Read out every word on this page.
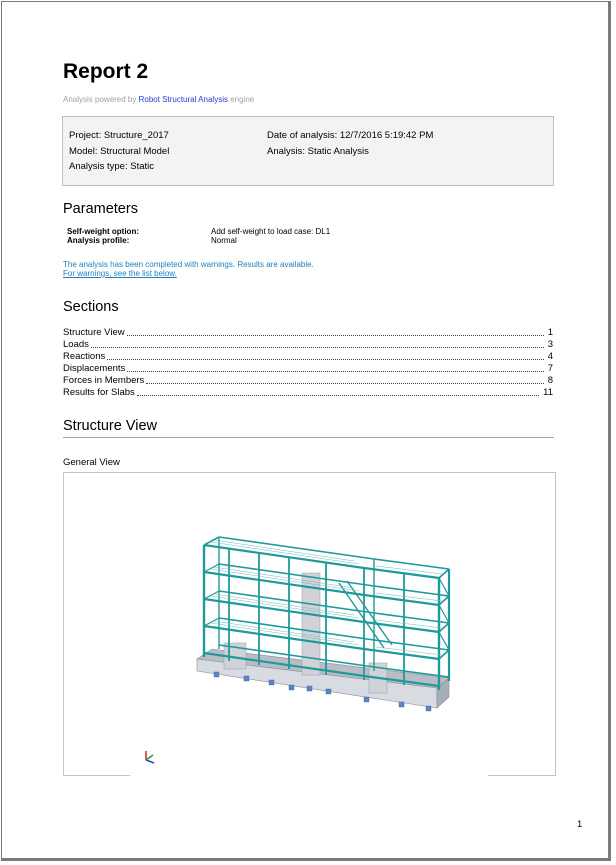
Report 2
Analysis powered by Robot Structural Analysis engine
Project: Structure_2017
Model: Structural Model
Analysis type: Static
Date of analysis: 12/7/2016 5:19:42 PM
Analysis: Static Analysis
Parameters
Self-weight option:	Add self-weight to load case: DL1
Analysis profile:	Normal
The analysis has been completed with warnings. Results are available.
For warnings, see the list below.
Sections
Structure View	1
Loads	3
Reactions	4
Displacements	7
Forces in Members	8
Results for Slabs	11
Structure View
General View
1
